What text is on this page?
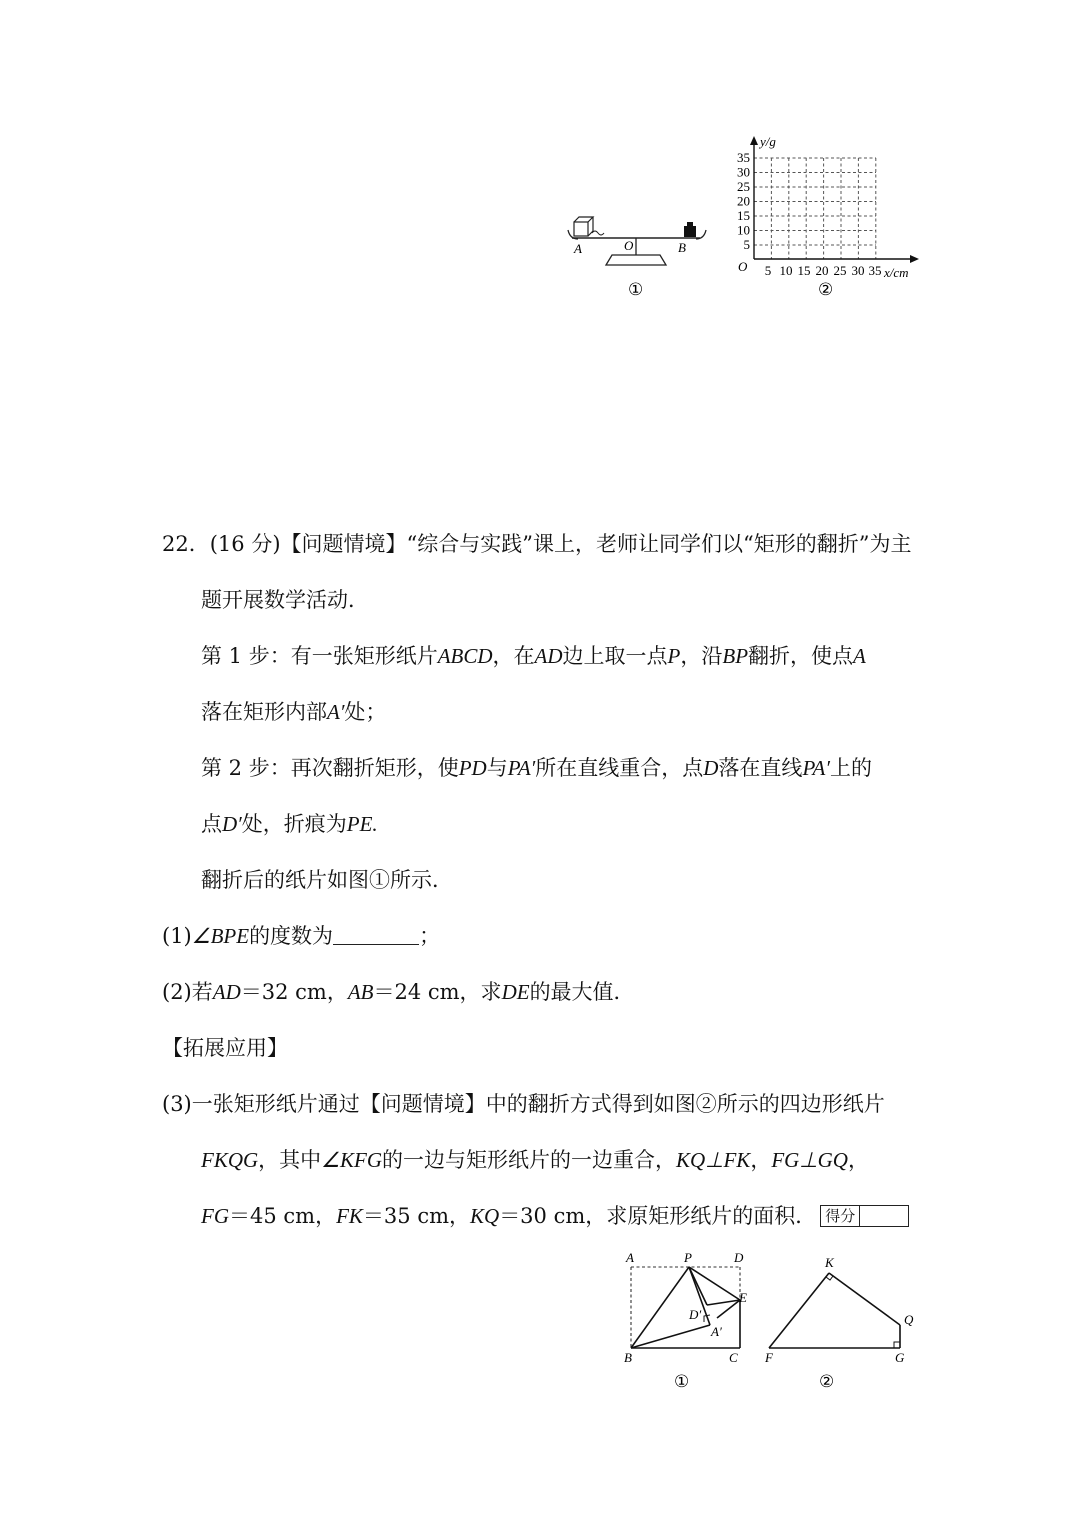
A	O	B
①
y/g
O
35
30
25
20
15
10
5
5 10 15 20 25 30 35 x/cm
②
22．(16 分)【问题情境】“综合与实践”课上，老师让同学们以“矩形的翻折”为主
题开展数学活动．
第 1 步：有一张矩形纸片ABCD，在AD边上取一点P，沿BP翻折，使点A
落在矩形内部A′处；
第 2 步：再次翻折矩形，使PD与PA′所在直线重合，点D落在直线PA′上的
点D′处，折痕为PE.
翻折后的纸片如图①所示．
(1)∠BPE的度数为	；
(2)若AD＝32 cm，AB＝24 cm，求DE的最大值．
【拓展应用】
(3)一张矩形纸片通过【问题情境】中的翻折方式得到如图②所示的四边形纸片
FKQG，其中∠KFG的一边与矩形纸片的一边重合，KQ⊥FK，FG⊥GQ，
FG＝45 cm，FK＝35 cm，KQ＝30 cm，求原矩形纸片的面积． 得分
A	P	D
E
D′
A′
B	C
①
K
Q
F	G
②
